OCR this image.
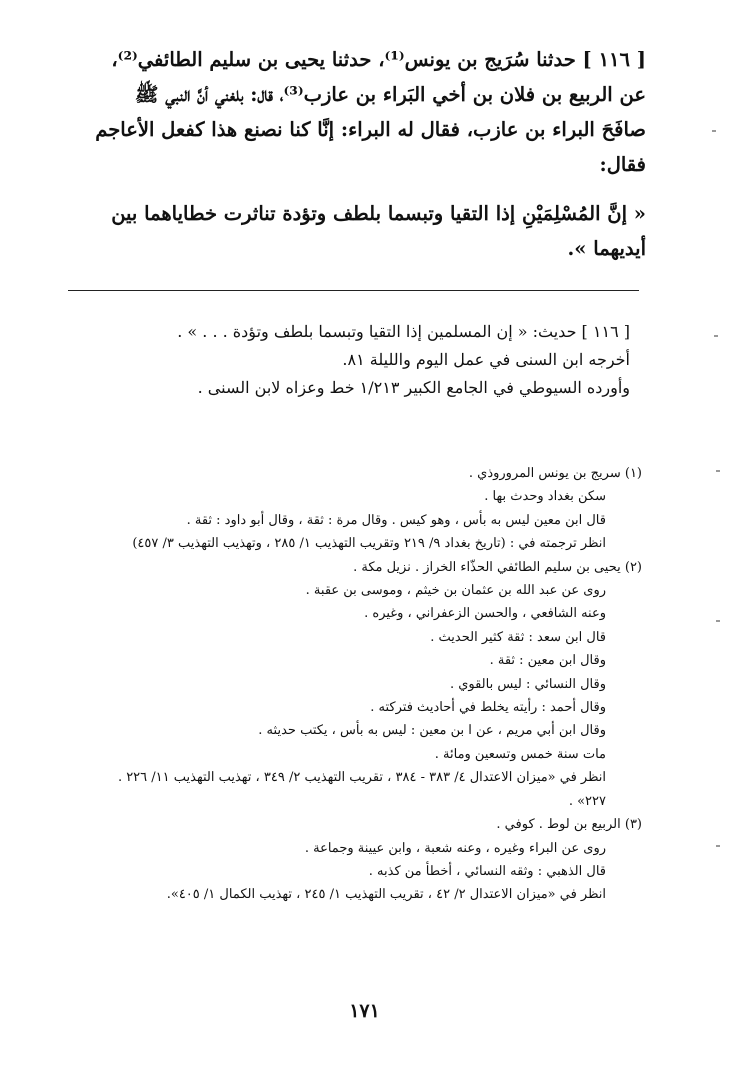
[ ١١٦ ] حدثنا سُرَيج بن يونس⁽¹⁾، حدثنا يحيى بن سليم الطائفي⁽²⁾،

عن الربيع بن فلان بن أخي البَراء بن عازب⁽³⁾، قال: بلغني أنَّ النبي ﷺ

صافَحَ البراء بن عازب، فقال له البراء: إنَّا كنا نصنع هذا كفعل الأعاجم

فقال:

« إنَّ المُسْلِمَيْنِ إذا التقيا وتبسما بلطف وتؤدة تناثرت خطاياهما بين

أيديهما ».

[ ١١٦ ] حديث: « إن المسلمين إذا التقيا وتبسما بلطف وتؤدة . . . » .

أخرجه ابن السنى في عمل اليوم والليلة ٨١.

وأورده السيوطي في الجامع الكبير ١/٢١٣ خط وعزاه لابن السنى .

(١) سريج بن يونس المروروذي .

سكن بغداد وحدث بها .

قال ابن معين ليس به بأس ، وهو كيس . وقال مرة : ثقة ، وقال أبو داود : ثقة .

انظر ترجمته في : (تاريخ بغداد ٩/ ٢١٩ وتقريب التهذيب ١/ ٢٨٥ ، وتهذيب التهذيب ٣/ ٤٥٧)

(٢) يحيى بن سليم الطائفي الحذّاء الخراز . نزيل مكة .

روى عن عبد الله بن عثمان بن خيثم ، وموسى بن عقبة .

وعنه الشافعي ، والحسن الزعفراني ، وغيره .

قال ابن سعد : ثقة كثير الحديث .

وقال ابن معين : ثقة .

وقال النسائي : ليس بالقوي .

وقال أحمد : رأيته يخلط في أحاديث فتركته .

وقال ابن أبي مريم ، عن ا بن معين : ليس به بأس ، يكتب حديثه .

مات سنة خمس وتسعين ومائة .

انظر في «ميزان الاعتدال ٤/ ٣٨٣ - ٣٨٤ ، تقريب التهذيب ٢/ ٣٤٩ ، تهذيب التهذيب ١١/ ٢٢٦ .

٢٢٧» .

(٣) الربيع بن لوط . كوفي .

روى عن البراء وغيره ، وعنه شعبة ، وابن عيينة وجماعة .

قال الذهبي : وثقه النسائي ، أخطأ من كذبه .

انظر في «ميزان الاعتدال ٢/ ٤٢ ، تقريب التهذيب ١/ ٢٤٥ ، تهذيب الكمال ١/ ٤٠٥».

١٧١
